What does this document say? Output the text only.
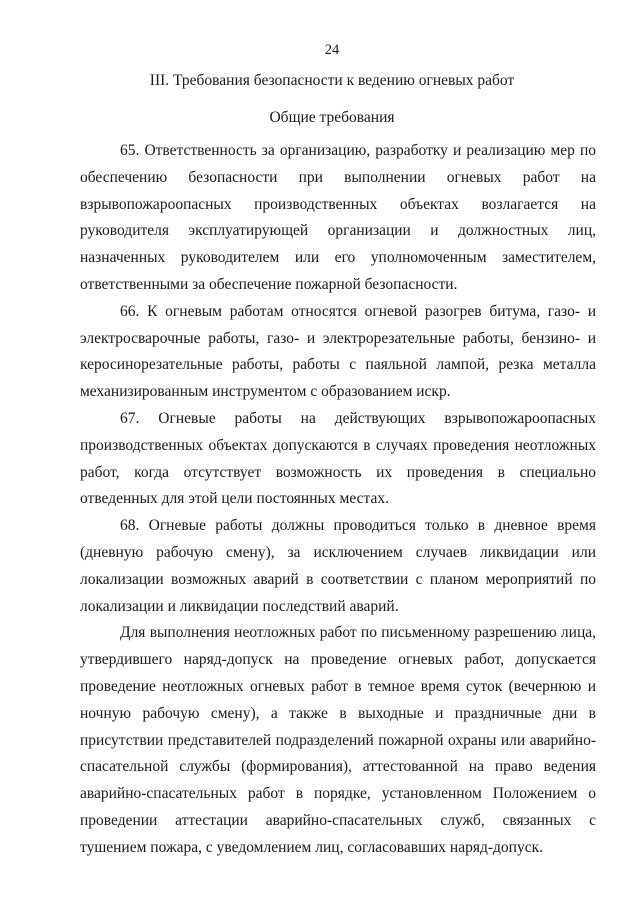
24
III. Требования безопасности к ведению огневых работ
Общие требования

65. Ответственность за организацию, разработку и реализацию мер по обеспечению безопасности при выполнении огневых работ на взрывопожароопасных производственных объектах возлагается на руководителя эксплуатирующей организации и должностных лиц, назначенных руководителем или его уполномоченным заместителем, ответственными за обеспечение пожарной безопасности.

66. К огневым работам относятся огневой разогрев битума, газо- и электросварочные работы, газо- и электрорезательные работы, бензино- и керосинорезательные работы, работы с паяльной лампой, резка металла механизированным инструментом с образованием искр.

67. Огневые работы на действующих взрывопожароопасных производственных объектах допускаются в случаях проведения неотложных работ, когда отсутствует возможность их проведения в специально отведенных для этой цели постоянных местах.

68. Огневые работы должны проводиться только в дневное время (дневную рабочую смену), за исключением случаев ликвидации или локализации возможных аварий в соответствии с планом мероприятий по локализации и ликвидации последствий аварий.

Для выполнения неотложных работ по письменному разрешению лица, утвердившего наряд-допуск на проведение огневых работ, допускается проведение неотложных огневых работ в темное время суток (вечернюю и ночную рабочую смену), а также в выходные и праздничные дни в присутствии представителей подразделений пожарной охраны или аварийно-спасательной службы (формирования), аттестованной на право ведения аварийно-спасательных работ в порядке, установленном Положением о проведении аттестации аварийно-спасательных служб, связанных с тушением пожара, с уведомлением лиц, согласовавших наряд-допуск.
